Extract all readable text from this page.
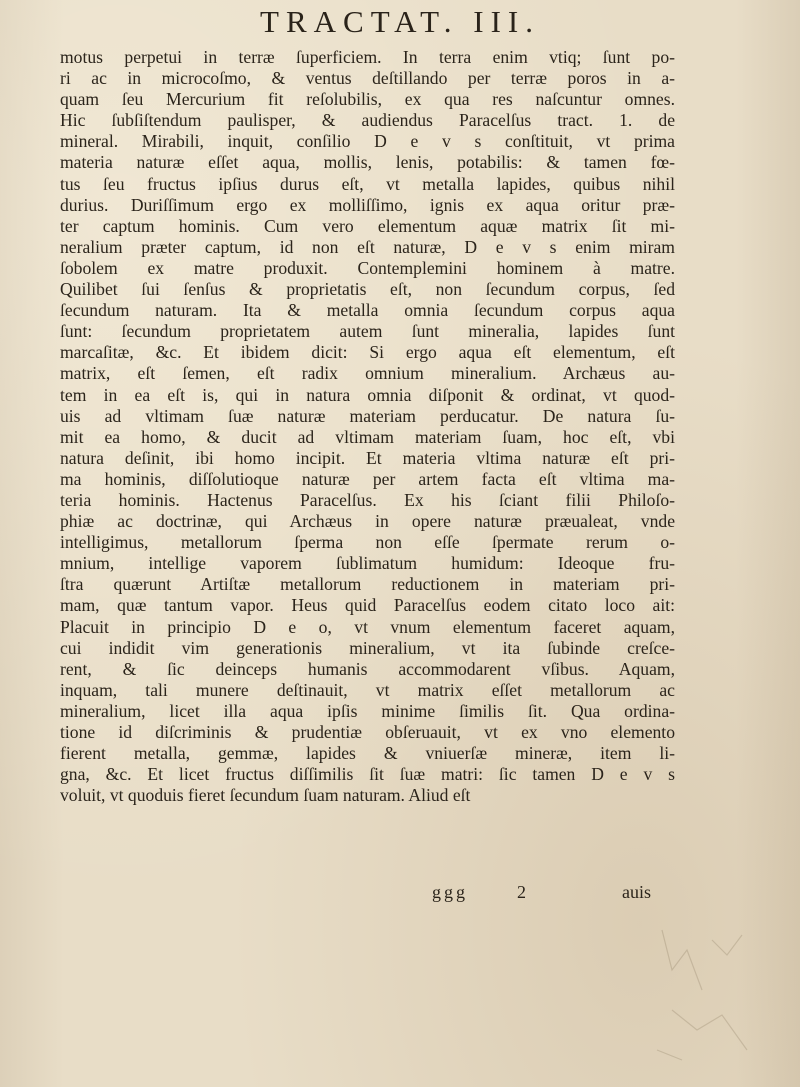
TRACTAT. III.
motus perpetui in terræ ſuperficiem. In terra enim vtiq; ſunt po-
ri ac in microcoſmo, & ventus deſtillando per terræ poros in a-
quam ſeu Mercurium fit reſolubilis, ex qua res naſcuntur omnes.
Hic ſubſiſtendum paulisper, & audiendus Paracelſus tract. 1. de
mineral. Mirabili, inquit, conſilio D e v s conſtituit, vt prima
materia naturæ eſſet aqua, mollis, lenis, potabilis: & tamen fœ-
tus ſeu fructus ipſius durus eſt, vt metalla lapides, quibus nihil
durius. Duriſſimum ergo ex molliſſimo, ignis ex aqua oritur præ-
ter captum hominis. Cum vero elementum aquæ matrix ſit mi-
neralium præter captum, id non eſt naturæ, D e v s enim miram
ſobolem ex matre produxit. Contemplemini hominem à matre.
Quilibet ſui ſenſus & proprietatis eſt, non ſecundum corpus, ſed
ſecundum naturam. Ita & metalla omnia ſecundum corpus aqua
ſunt: ſecundum proprietatem autem ſunt mineralia, lapides ſunt
marcaſitæ, &c. Et ibidem dicit: Si ergo aqua eſt elementum, eſt
matrix, eſt ſemen, eſt radix omnium mineralium. Archæus au-
tem in ea eſt is, qui in natura omnia diſponit & ordinat, vt quod-
uis ad vltimam ſuæ naturæ materiam perducatur. De natura ſu-
mit ea homo, & ducit ad vltimam materiam ſuam, hoc eſt, vbi
natura deſinit, ibi homo incipit. Et materia vltima naturæ eſt pri-
ma hominis, diſſolutioque naturæ per artem facta eſt vltima ma-
teria hominis. Hactenus Paracelſus. Ex his ſciant filii Philoſo-
phiæ ac doctrinæ, qui Archæus in opere naturæ præualeat, vnde
intelligimus, metallorum ſperma non eſſe ſpermate rerum o-
mnium, intellige vaporem ſublimatum humidum: Ideoque fru-
ſtra quærunt Artiſtæ metallorum reductionem in materiam pri-
mam, quæ tantum vapor. Heus quid Paracelſus eodem citato loco ait:
Placuit in principio D e o, vt vnum elementum faceret aquam,
cui indidit vim generationis mineralium, vt ita ſubinde creſce-
rent, & ſic deinceps humanis accommodarent vſibus. Aquam,
inquam, tali munere deſtinauit, vt matrix eſſet metallorum ac
mineralium, licet illa aqua ipſis minime ſimilis ſit. Qua ordina-
tione id diſcriminis & prudentiæ obſeruauit, vt ex vno elemento
fierent metalla, gemmæ, lapides & vniuerſæ mineræ, item li-
gna, &c. Et licet fructus diſſimilis ſit ſuæ matri: ſic tamen D e v s
voluit, vt quoduis fieret ſecundum ſuam naturam. Aliud eſt
ggg	2	auis
